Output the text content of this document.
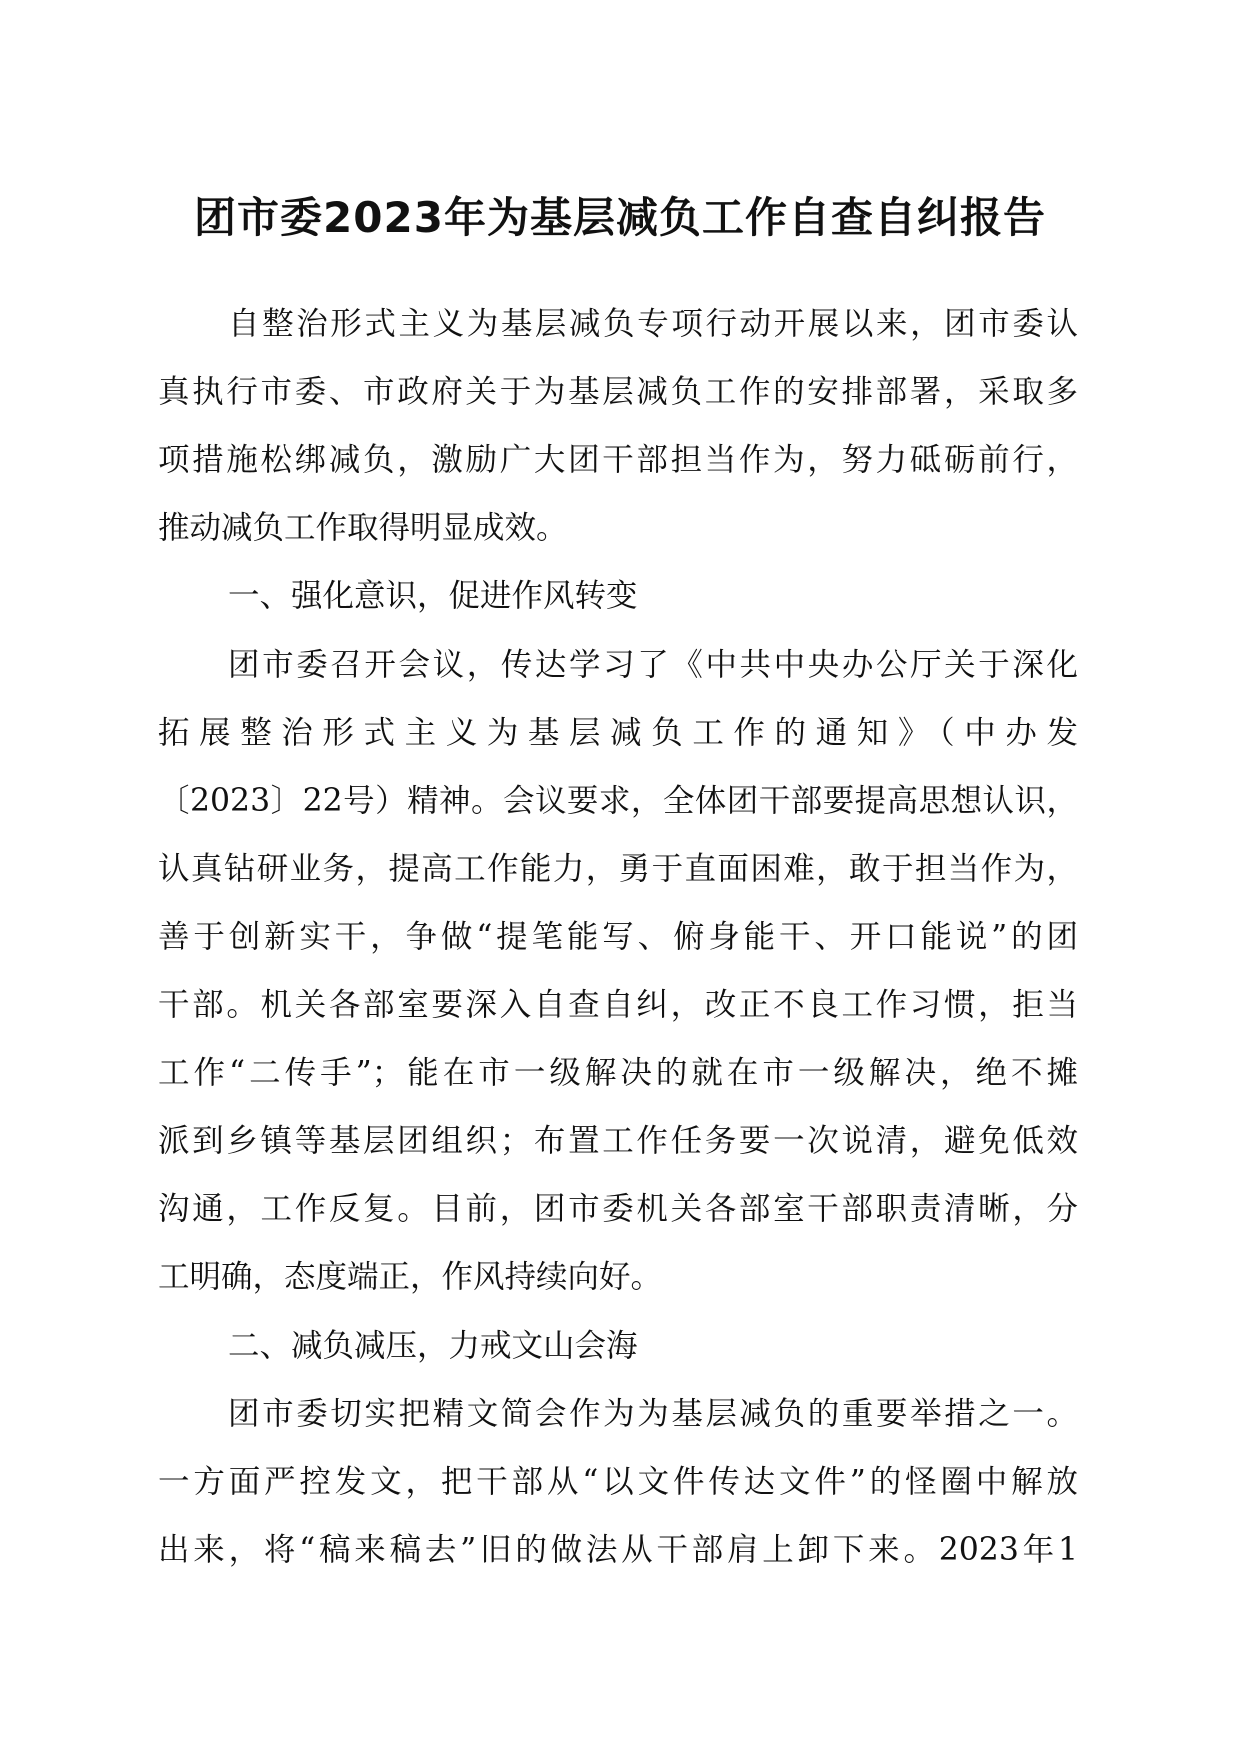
团市委2023年为基层减负工作自查自纠报告
自整治形式主义为基层减负专项行动开展以来，团市委认
真执行市委、市政府关于为基层减负工作的安排部署，采取多
项措施松绑减负，激励广大团干部担当作为，努力砥砺前行，
推动减负工作取得明显成效。
一、强化意识，促进作风转变
团市委召开会议，传达学习了《中共中央办公厅关于深化
拓展整治形式主义为基层减负工作的通知》（中办发
〔2023〕22号）精神。会议要求，全体团干部要提高思想认识，
认真钻研业务，提高工作能力，勇于直面困难，敢于担当作为，
善于创新实干，争做“提笔能写、俯身能干、开口能说”的团
干部。机关各部室要深入自查自纠，改正不良工作习惯，拒当
工作“二传手”；能在市一级解决的就在市一级解决，绝不摊
派到乡镇等基层团组织；布置工作任务要一次说清，避免低效
沟通，工作反复。目前，团市委机关各部室干部职责清晰，分
工明确，态度端正，作风持续向好。
二、减负减压，力戒文山会海
团市委切实把精文简会作为为基层减负的重要举措之一。
一方面严控发文，把干部从“以文件传达文件”的怪圈中解放
出来，将“稿来稿去”旧的做法从干部肩上卸下来。2023年1
